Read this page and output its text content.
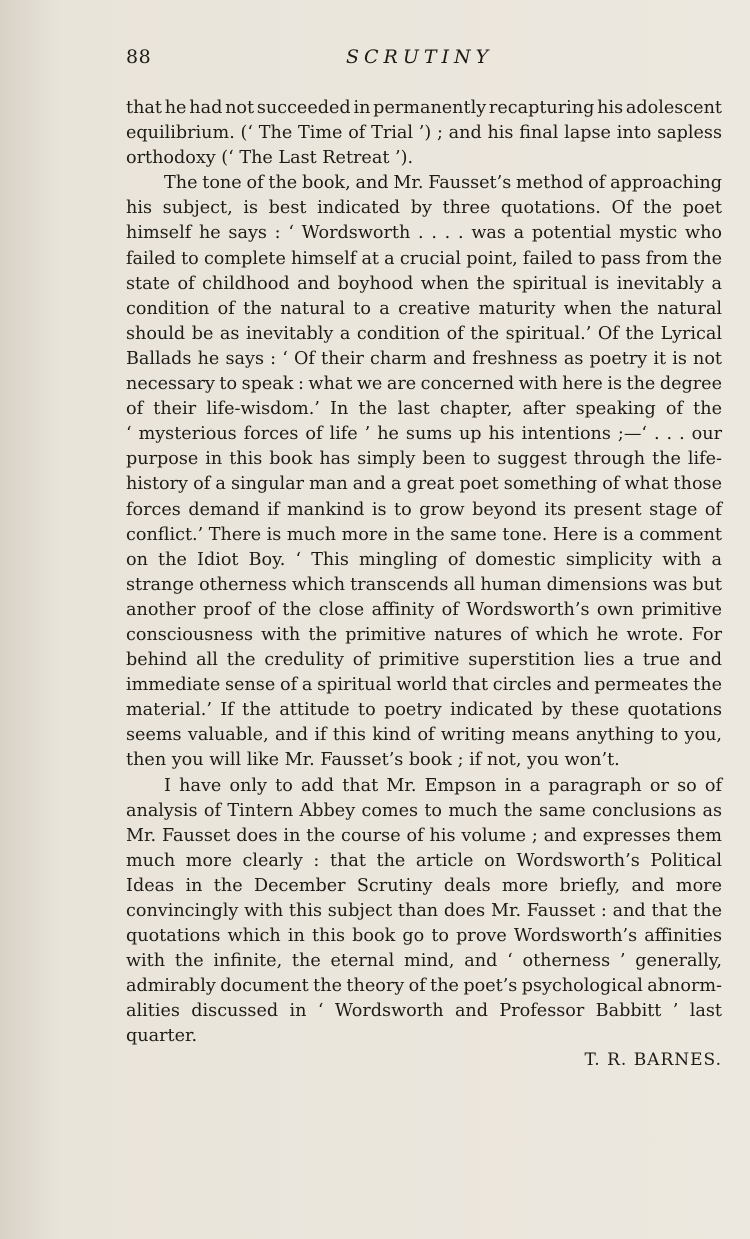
88	SCRUTINY
that he had not succeeded in permanently recapturing his adolescent
equilibrium. (‘ The Time of Trial ’) ; and his final lapse into sapless
orthodoxy (‘ The Last Retreat ’).
The tone of the book, and Mr. Fausset’s method of approaching
his subject, is best indicated by three quotations. Of the poet
himself he says : ‘ Wordsworth . . . . was a potential mystic who
failed to complete himself at a crucial point, failed to pass from the
state of childhood and boyhood when the spiritual is inevitably a
condition of the natural to a creative maturity when the natural
should be as inevitably a condition of the spiritual.’ Of the Lyrical
Ballads he says : ‘ Of their charm and freshness as poetry it is not
necessary to speak : what we are concerned with here is the degree
of their life-wisdom.’ In the last chapter, after speaking of the
‘ mysterious forces of life ’ he sums up his intentions ;—‘ . . . our
purpose in this book has simply been to suggest through the life-
history of a singular man and a great poet something of what those
forces demand if mankind is to grow beyond its present stage of
conflict.’ There is much more in the same tone. Here is a comment
on the Idiot Boy. ‘ This mingling of domestic simplicity with a
strange otherness which transcends all human dimensions was but
another proof of the close affinity of Wordsworth’s own primitive
consciousness with the primitive natures of which he wrote. For
behind all the credulity of primitive superstition lies a true and
immediate sense of a spiritual world that circles and permeates the
material.’ If the attitude to poetry indicated by these quotations
seems valuable, and if this kind of writing means anything to you,
then you will like Mr. Fausset’s book ; if not, you won’t.
I have only to add that Mr. Empson in a paragraph or so of
analysis of Tintern Abbey comes to much the same conclusions as
Mr. Fausset does in the course of his volume ; and expresses them
much more clearly : that the article on Wordsworth’s Political
Ideas in the December Scrutiny deals more briefly, and more
convincingly with this subject than does Mr. Fausset : and that the
quotations which in this book go to prove Wordsworth’s affinities
with the infinite, the eternal mind, and ‘ otherness ’ generally,
admirably document the theory of the poet’s psychological abnorm-
alities discussed in ‘ Wordsworth and Professor Babbitt ’ last
quarter.
T. R. BARNES.
